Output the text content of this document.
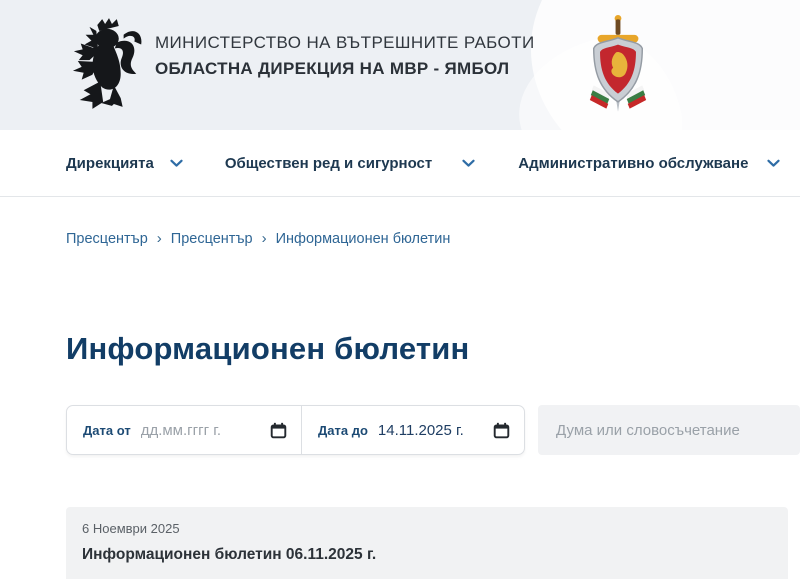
МИНИСТЕРСТВО НА ВЪТРЕШНИТЕ РАБОТИ
ОБЛАСТНА ДИРЕКЦИЯ НА МВР - ЯМБОЛ
Дирекцията	Обществен ред и сигурност	Административно обслужване
Пресцентър › Пресцентър › Информационен бюлетин
Информационен бюлетин
Дата от
дд.мм.гггг г.	Дата до
14.11.2025 г.
Дума или словосъчетание
6 Ноември 2025
Информационен бюлетин 06.11.2025 г.
